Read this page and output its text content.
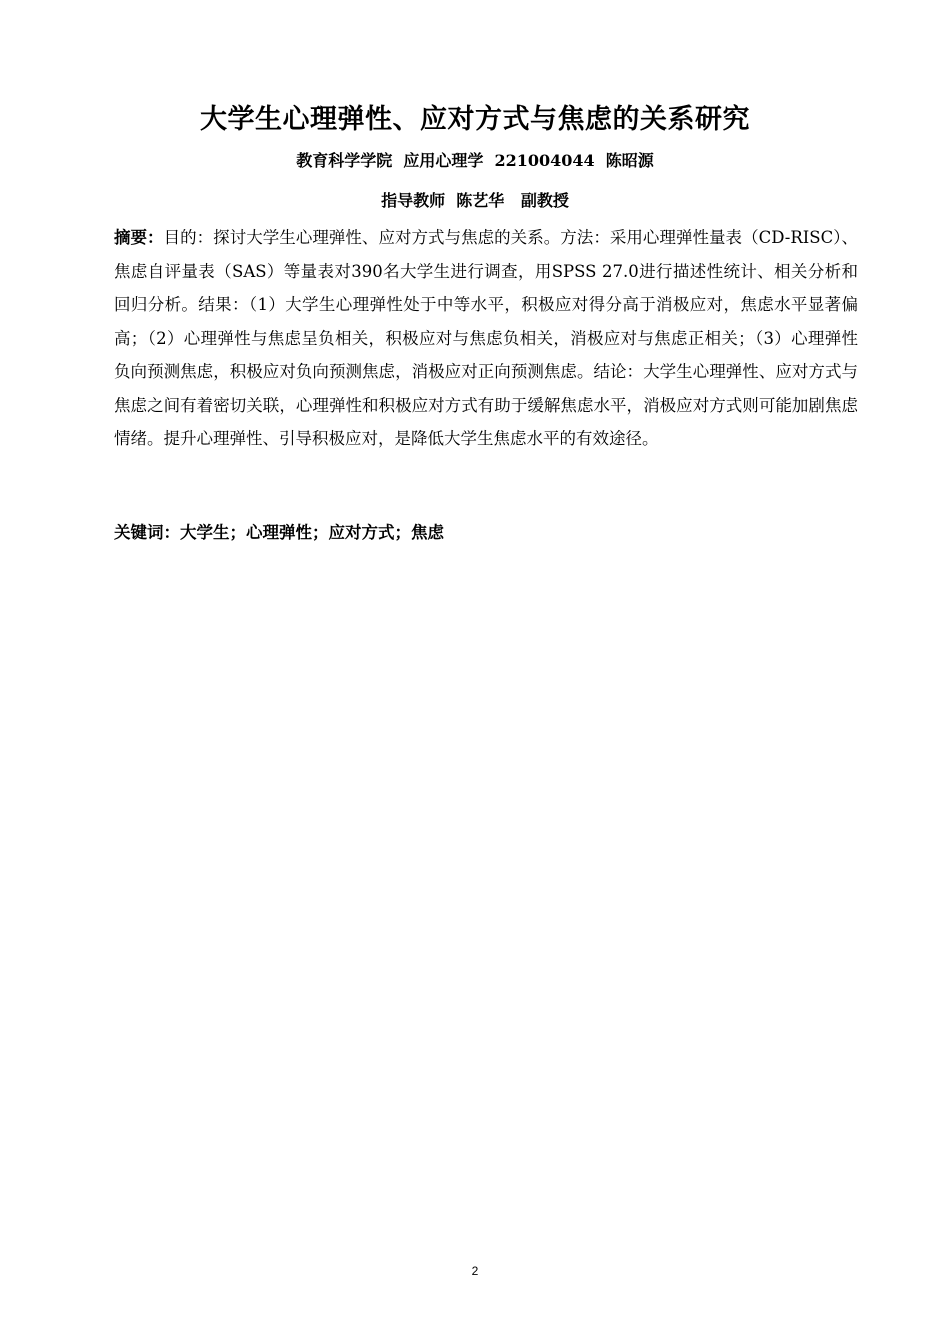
大学生心理弹性、应对方式与焦虑的关系研究
教育科学学院  应用心理学  221004044  陈昭源
指导教师  陈艺华   副教授

摘要：目的：探讨大学生心理弹性、应对方式与焦虑的关系。方法：采用心理弹性量表（CD-RISC）、焦虑自评量表（SAS）等量表对390名大学生进行调查，用SPSS 27.0进行描述性统计、相关分析和回归分析。结果：（1）大学生心理弹性处于中等水平，积极应对得分高于消极应对，焦虑水平显著偏高；（2）心理弹性与焦虑呈负相关，积极应对与焦虑负相关，消极应对与焦虑正相关；（3）心理弹性负向预测焦虑，积极应对负向预测焦虑，消极应对正向预测焦虑。结论：大学生心理弹性、应对方式与焦虑之间有着密切关联，心理弹性和积极应对方式有助于缓解焦虑水平，消极应对方式则可能加剧焦虑情绪。提升心理弹性、引导积极应对，是降低大学生焦虑水平的有效途径。

关键词：大学生；心理弹性；应对方式；焦虑

2
